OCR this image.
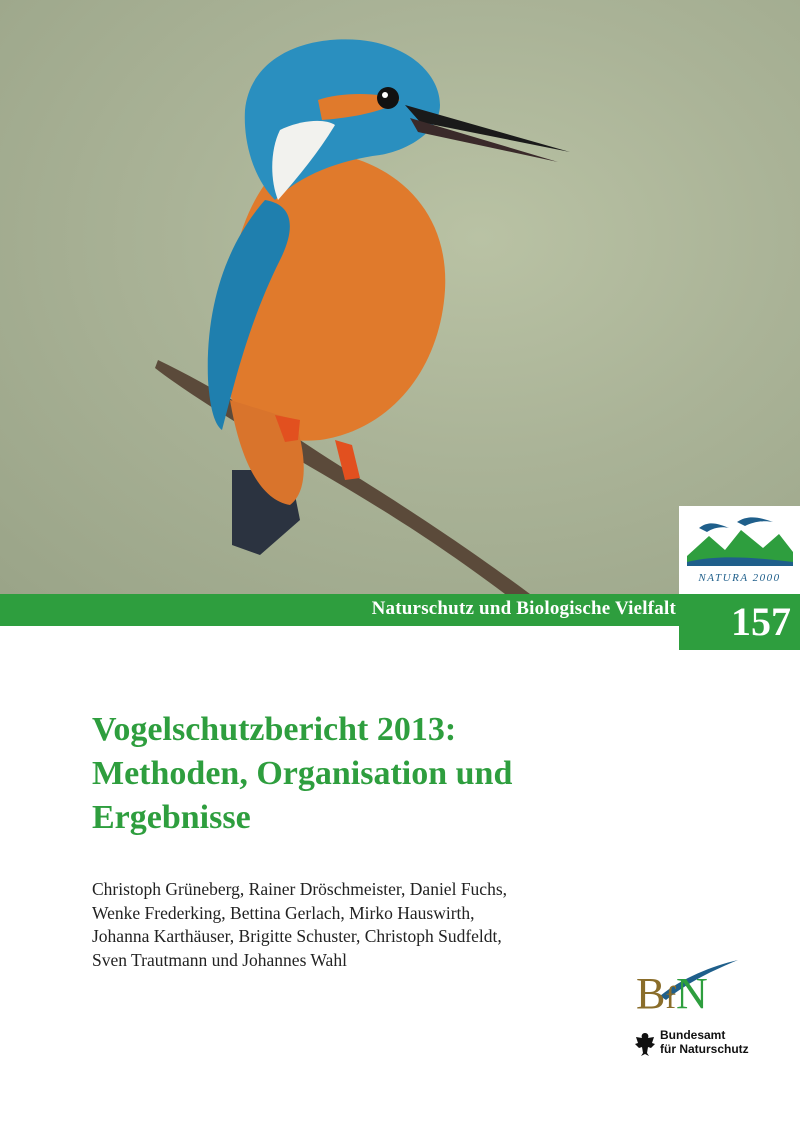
NATURA 2000
Naturschutz und Biologische Vielfalt	157
Vogelschutzbericht 2013:
Methoden, Organisation und
Ergebnisse
Christoph Grüneberg, Rainer Dröschmeister, Daniel Fuchs,
Wenke Frederking, Bettina Gerlach, Mirko Hauswirth,
Johanna Karthäuser, Brigitte Schuster, Christoph Sudfeldt,
Sven Trautmann und Johannes Wahl
BfN
Bundesamt
für Naturschutz
